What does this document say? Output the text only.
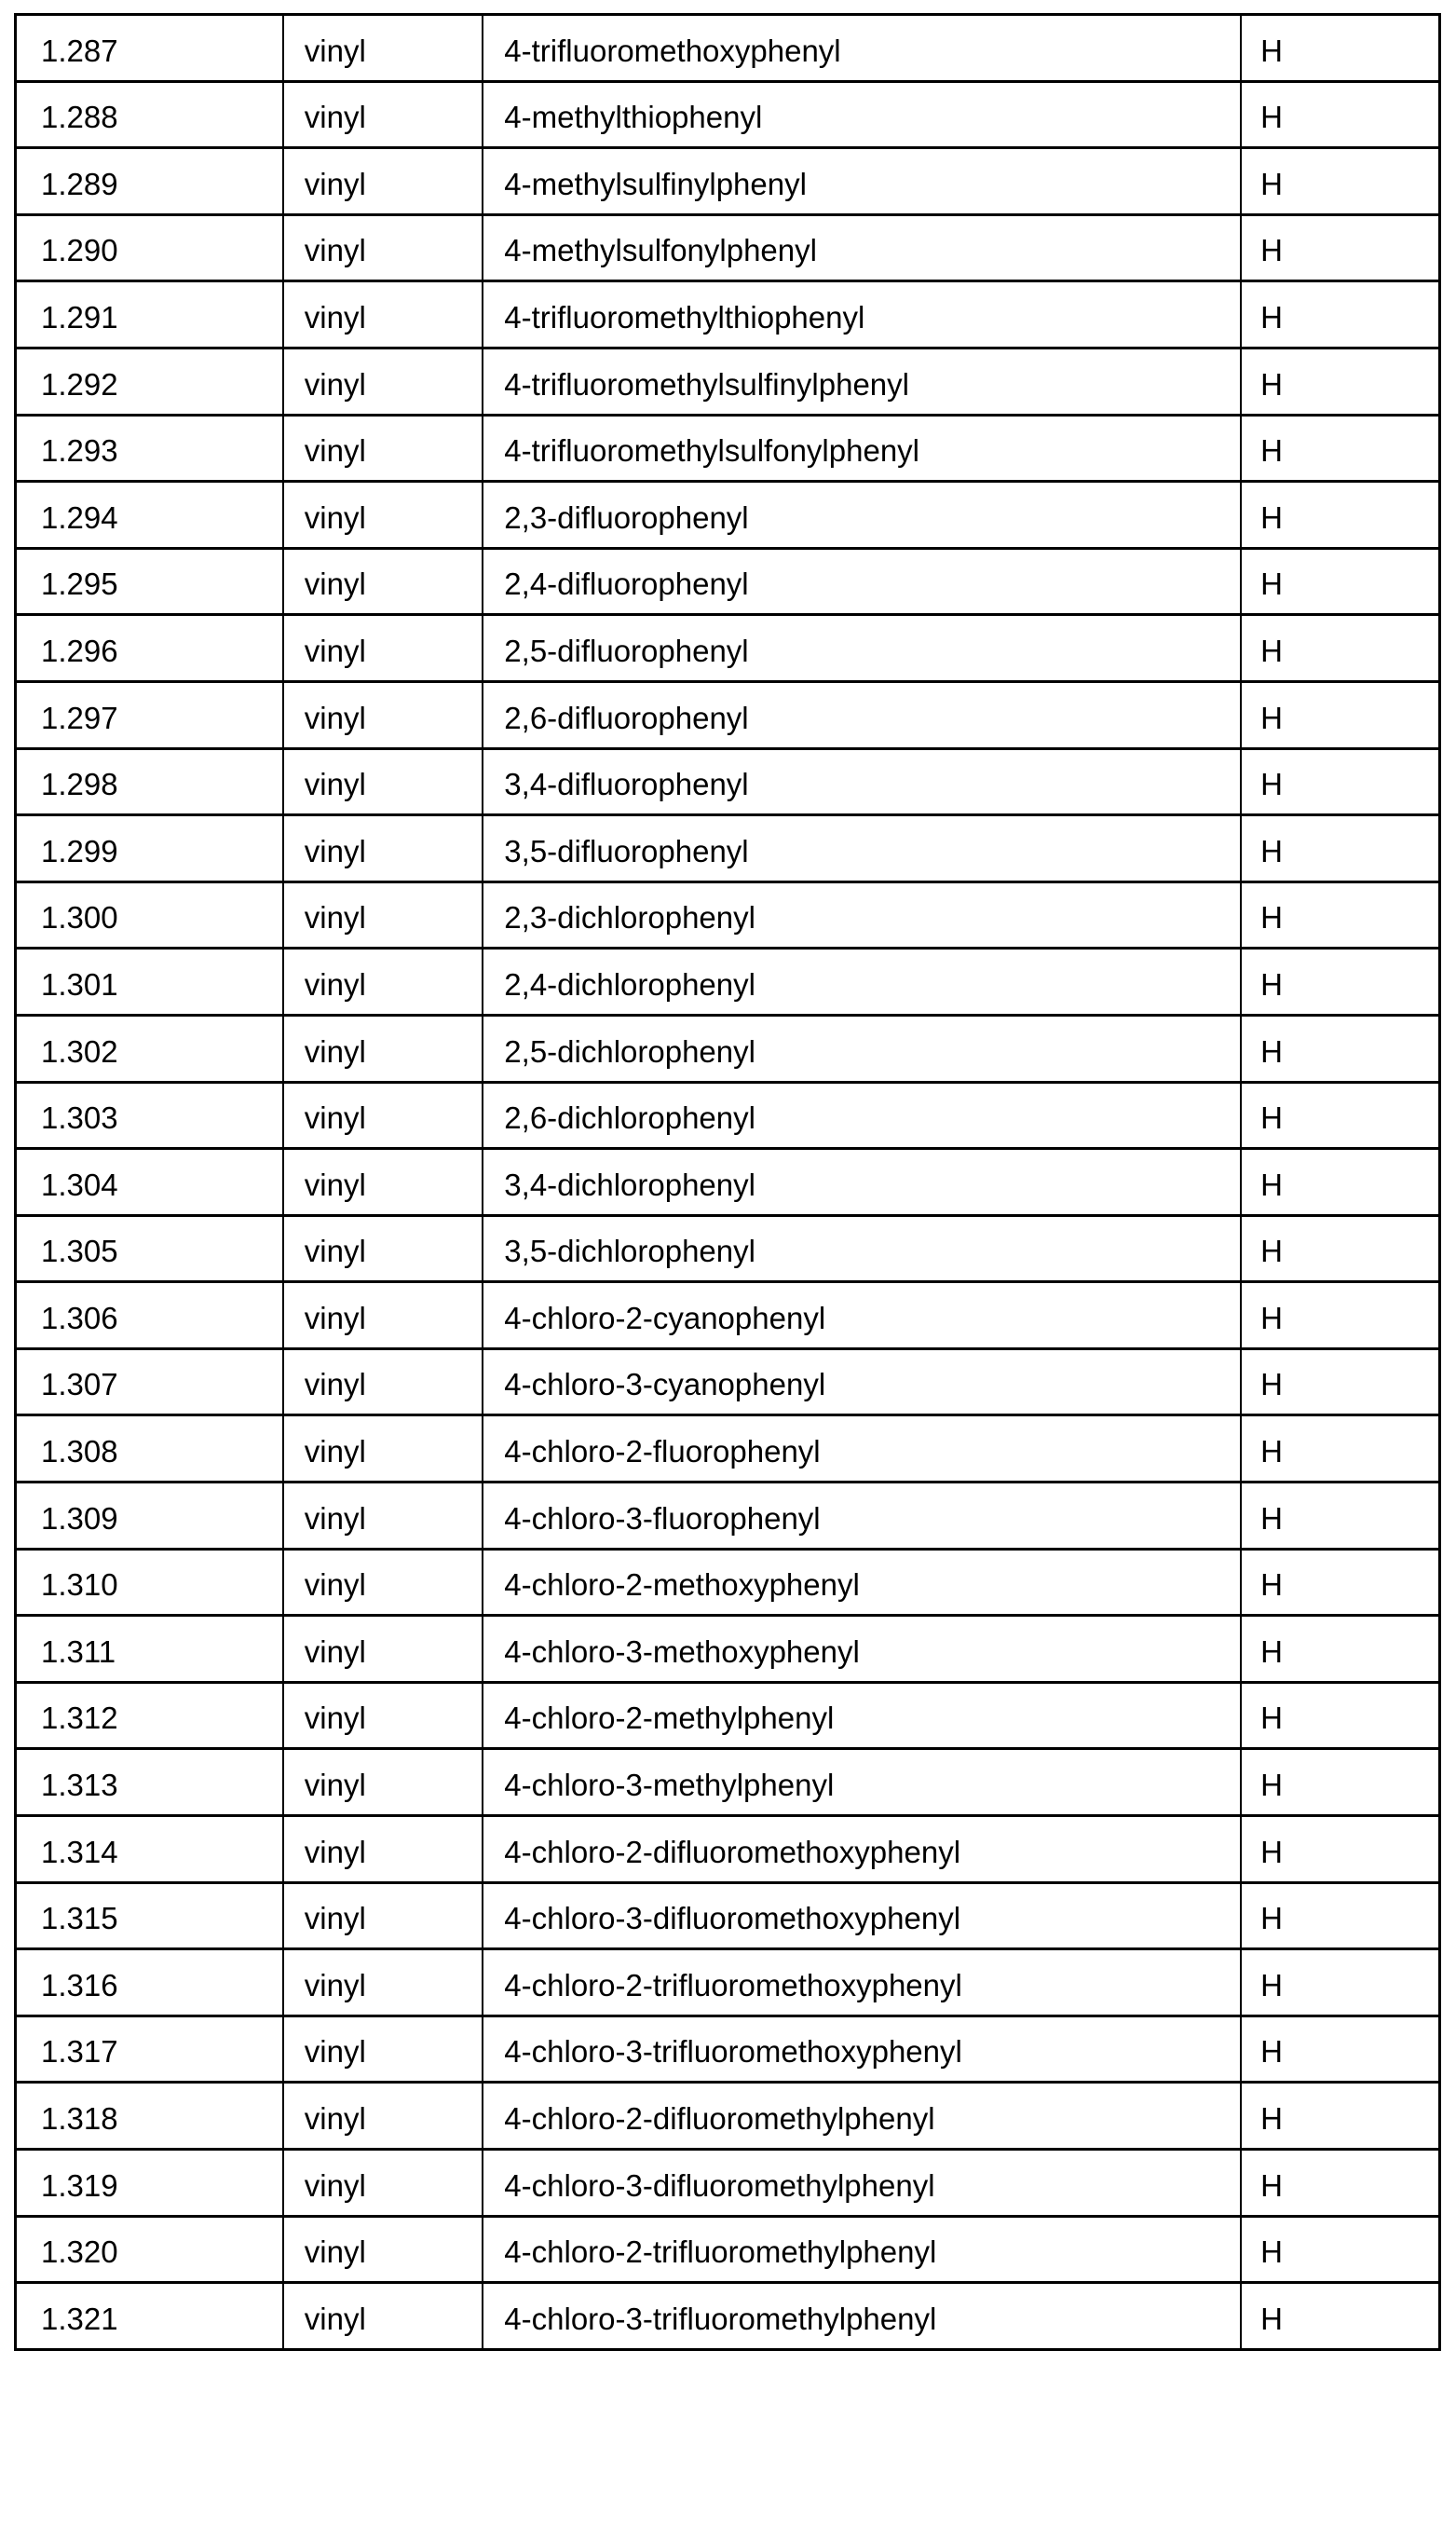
1.287	vinyl	4-trifluoromethoxyphenyl	H
1.288	vinyl	4-methylthiophenyl	H
1.289	vinyl	4-methylsulfinylphenyl	H
1.290	vinyl	4-methylsulfonylphenyl	H
1.291	vinyl	4-trifluoromethylthiophenyl	H
1.292	vinyl	4-trifluoromethylsulfinylphenyl	H
1.293	vinyl	4-trifluoromethylsulfonylphenyl	H
1.294	vinyl	2,3-difluorophenyl	H
1.295	vinyl	2,4-difluorophenyl	H
1.296	vinyl	2,5-difluorophenyl	H
1.297	vinyl	2,6-difluorophenyl	H
1.298	vinyl	3,4-difluorophenyl	H
1.299	vinyl	3,5-difluorophenyl	H
1.300	vinyl	2,3-dichlorophenyl	H
1.301	vinyl	2,4-dichlorophenyl	H
1.302	vinyl	2,5-dichlorophenyl	H
1.303	vinyl	2,6-dichlorophenyl	H
1.304	vinyl	3,4-dichlorophenyl	H
1.305	vinyl	3,5-dichlorophenyl	H
1.306	vinyl	4-chloro-2-cyanophenyl	H
1.307	vinyl	4-chloro-3-cyanophenyl	H
1.308	vinyl	4-chloro-2-fluorophenyl	H
1.309	vinyl	4-chloro-3-fluorophenyl	H
1.310	vinyl	4-chloro-2-methoxyphenyl	H
1.311	vinyl	4-chloro-3-methoxyphenyl	H
1.312	vinyl	4-chloro-2-methylphenyl	H
1.313	vinyl	4-chloro-3-methylphenyl	H
1.314	vinyl	4-chloro-2-difluoromethoxyphenyl	H
1.315	vinyl	4-chloro-3-difluoromethoxyphenyl	H
1.316	vinyl	4-chloro-2-trifluoromethoxyphenyl	H
1.317	vinyl	4-chloro-3-trifluoromethoxyphenyl	H
1.318	vinyl	4-chloro-2-difluoromethylphenyl	H
1.319	vinyl	4-chloro-3-difluoromethylphenyl	H
1.320	vinyl	4-chloro-2-trifluoromethylphenyl	H
1.321	vinyl	4-chloro-3-trifluoromethylphenyl	H
